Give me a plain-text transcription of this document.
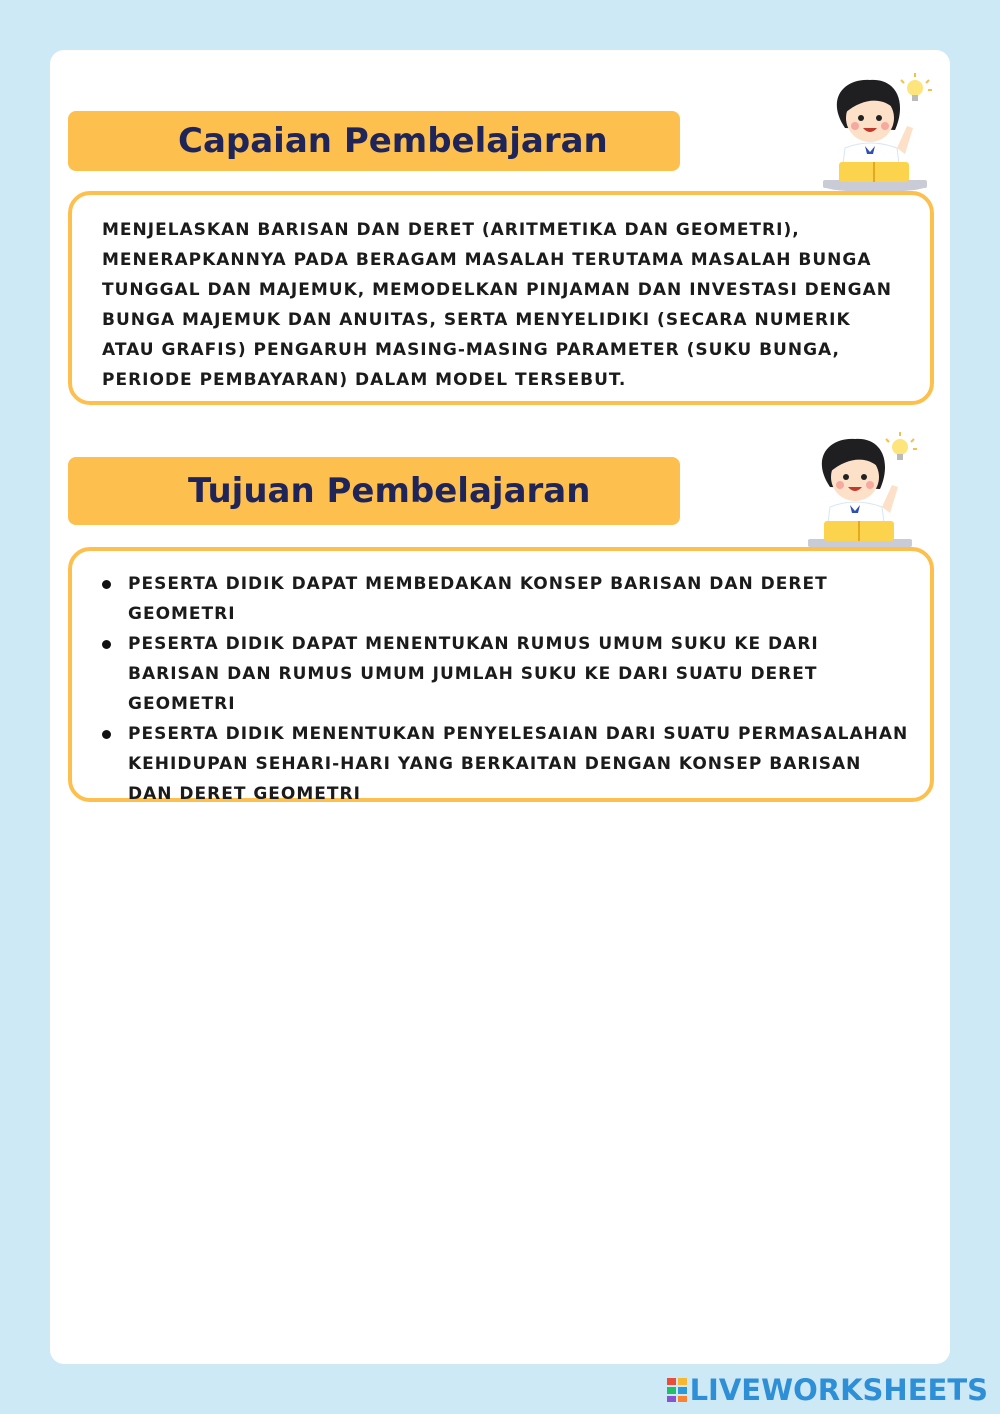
Capaian Pembelajaran
MENJELASKAN BARISAN DAN DERET (ARITMETIKA DAN GEOMETRI), MENERAPKANNYA PADA BERAGAM MASALAH TERUTAMA MASALAH BUNGA TUNGGAL DAN MAJEMUK, MEMODELKAN PINJAMAN DAN INVESTASI DENGAN BUNGA MAJEMUK DAN ANUITAS, SERTA MENYELIDIKI (SECARA NUMERIK ATAU GRAFIS) PENGARUH MASING-MASING PARAMETER (SUKU BUNGA, PERIODE PEMBAYARAN) DALAM MODEL TERSEBUT.
Tujuan Pembelajaran
PESERTA DIDIK DAPAT MEMBEDAKAN KONSEP BARISAN DAN DERET GEOMETRI
PESERTA DIDIK DAPAT MENENTUKAN RUMUS UMUM SUKU KE DARI BARISAN DAN RUMUS UMUM JUMLAH SUKU KE DARI SUATU DERET GEOMETRI
PESERTA DIDIK MENENTUKAN PENYELESAIAN DARI SUATU PERMASALAHAN KEHIDUPAN SEHARI-HARI YANG BERKAITAN DENGAN KONSEP BARISAN DAN DERET GEOMETRI
LIVEWORKSHEETS
